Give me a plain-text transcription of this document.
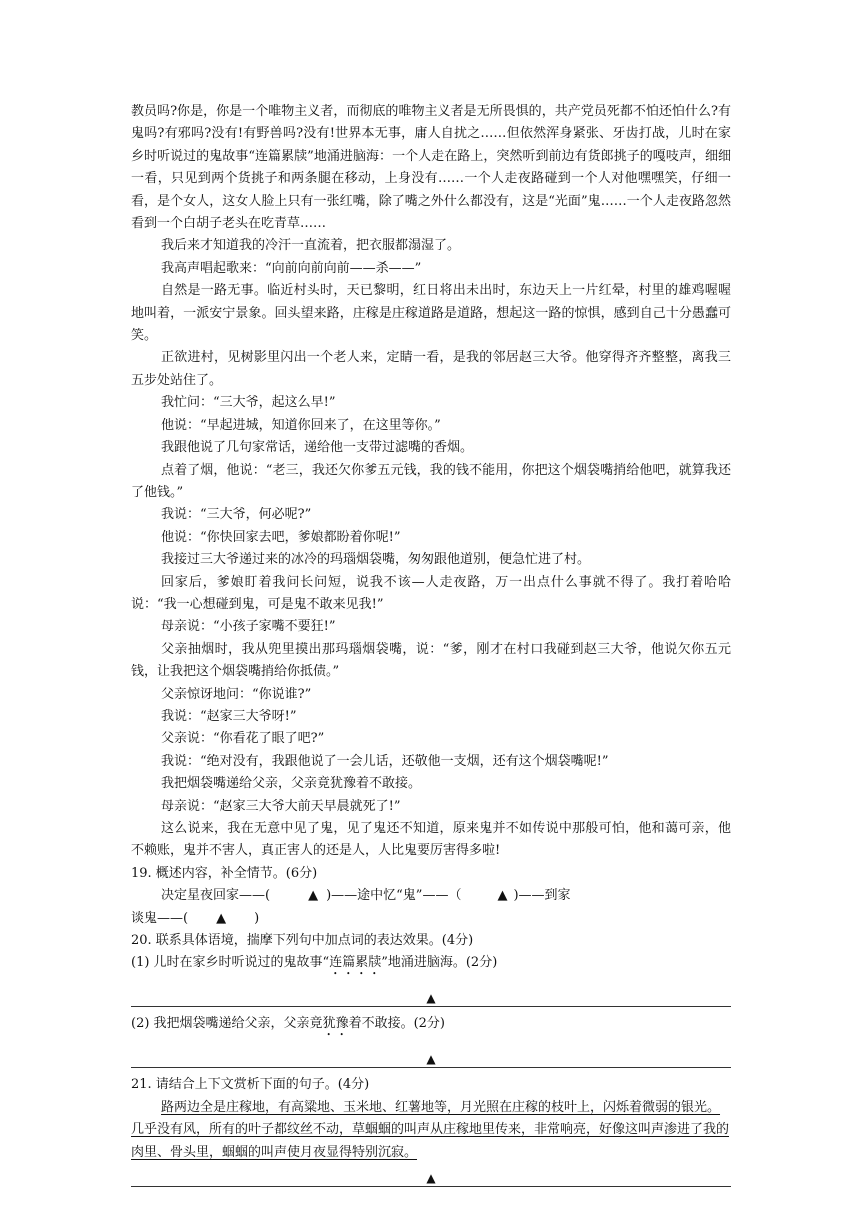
教员吗?你是，你是一个唯物主义者，而彻底的唯物主义者是无所畏惧的，共产党员死都不怕还怕什么?有鬼吗?有邪吗?没有!有野兽吗?没有!世界本无事，庸人自扰之……但依然浑身紧张、牙齿打战，儿时在家乡时听说过的鬼故事“连篇累牍”地涌进脑海：一个人走在路上，突然听到前边有货郎挑子的嘎吱声，细细一看，只见到两个货挑子和两条腿在移动，上身没有……一个人走夜路碰到一个人对他嘿嘿笑，仔细一看，是个女人，这女人脸上只有一张红嘴，除了嘴之外什么都没有，这是“光面”鬼……一个人走夜路忽然看到一个白胡子老头在吃青草……

我后来才知道我的冷汗一直流着，把衣服都溻湿了。

我高声唱起歌来：“向前向前向前——杀——”

自然是一路无事。临近村头时，天已黎明，红日将出未出时，东边天上一片红晕，村里的雄鸡喔喔地叫着，一派安宁景象。回头望来路，庄稼是庄稼道路是道路，想起这一路的惊惧，感到自己十分愚蠢可笑。

正欲进村，见树影里闪出一个老人来，定睛一看，是我的邻居赵三大爷。他穿得齐齐整整，离我三五步处站住了。

我忙问：“三大爷，起这么早!”

他说：“早起进城，知道你回来了，在这里等你。”

我跟他说了几句家常话，递给他一支带过滤嘴的香烟。

点着了烟，他说：“老三，我还欠你爹五元钱，我的钱不能用，你把这个烟袋嘴捎给他吧，就算我还了他钱。”

我说：“三大爷，何必呢?”

他说：“你快回家去吧，爹娘都盼着你呢!”

我接过三大爷递过来的冰冷的玛瑙烟袋嘴，匆匆跟他道别，便急忙进了村。

回家后，爹娘盯着我问长问短，说我不该—人走夜路，万一出点什么事就不得了。我打着哈哈说：“我一心想碰到鬼，可是鬼不敢来见我!”

母亲说：“小孩子家嘴不要狂!”

父亲抽烟时，我从兜里摸出那玛瑙烟袋嘴，说：“爹，刚才在村口我碰到赵三大爷，他说欠你五元钱，让我把这个烟袋嘴捎给你抵债。”

父亲惊讶地问：“你说谁?”

我说：“赵家三大爷呀!”

父亲说：“你看花了眼了吧?”

我说：“绝对没有，我跟他说了一会儿话，还敬他一支烟，还有这个烟袋嘴呢!”

我把烟袋嘴递给父亲，父亲竟犹豫着不敢接。

母亲说：“赵家三大爷大前天早晨就死了!”

这么说来，我在无意中见了鬼，见了鬼还不知道，原来鬼并不如传说中那般可怕，他和蔼可亲，他不赖账，鬼并不害人，真正害人的还是人，人比鬼要厉害得多啦!

19. 概述内容，补全情节。(6分)

决定星夜回家——(	▲ )——途中忆“鬼”——（	▲ )——到家

谈鬼——( ▲ )

20. 联系具体语境，揣摩下列句中加点词的表达效果。(4分)

(1) 儿时在家乡时听说过的鬼故事“连篇累牍”地涌进脑海。(2分)

▲

(2) 我把烟袋嘴递给父亲，父亲竟犹豫着不敢接。(2分)

▲

21. 请结合上下文赏析下面的句子。(4分)

路两边全是庄稼地，有高粱地、玉米地、红薯地等，月光照在庄稼的枝叶上，闪烁着微弱的银光。几乎没有风，所有的叶子都纹丝不动，草蝈蝈的叫声从庄稼地里传来，非常响亮，好像这叫声渗进了我的肉里、骨头里，蝈蝈的叫声使月夜显得特别沉寂。

▲
